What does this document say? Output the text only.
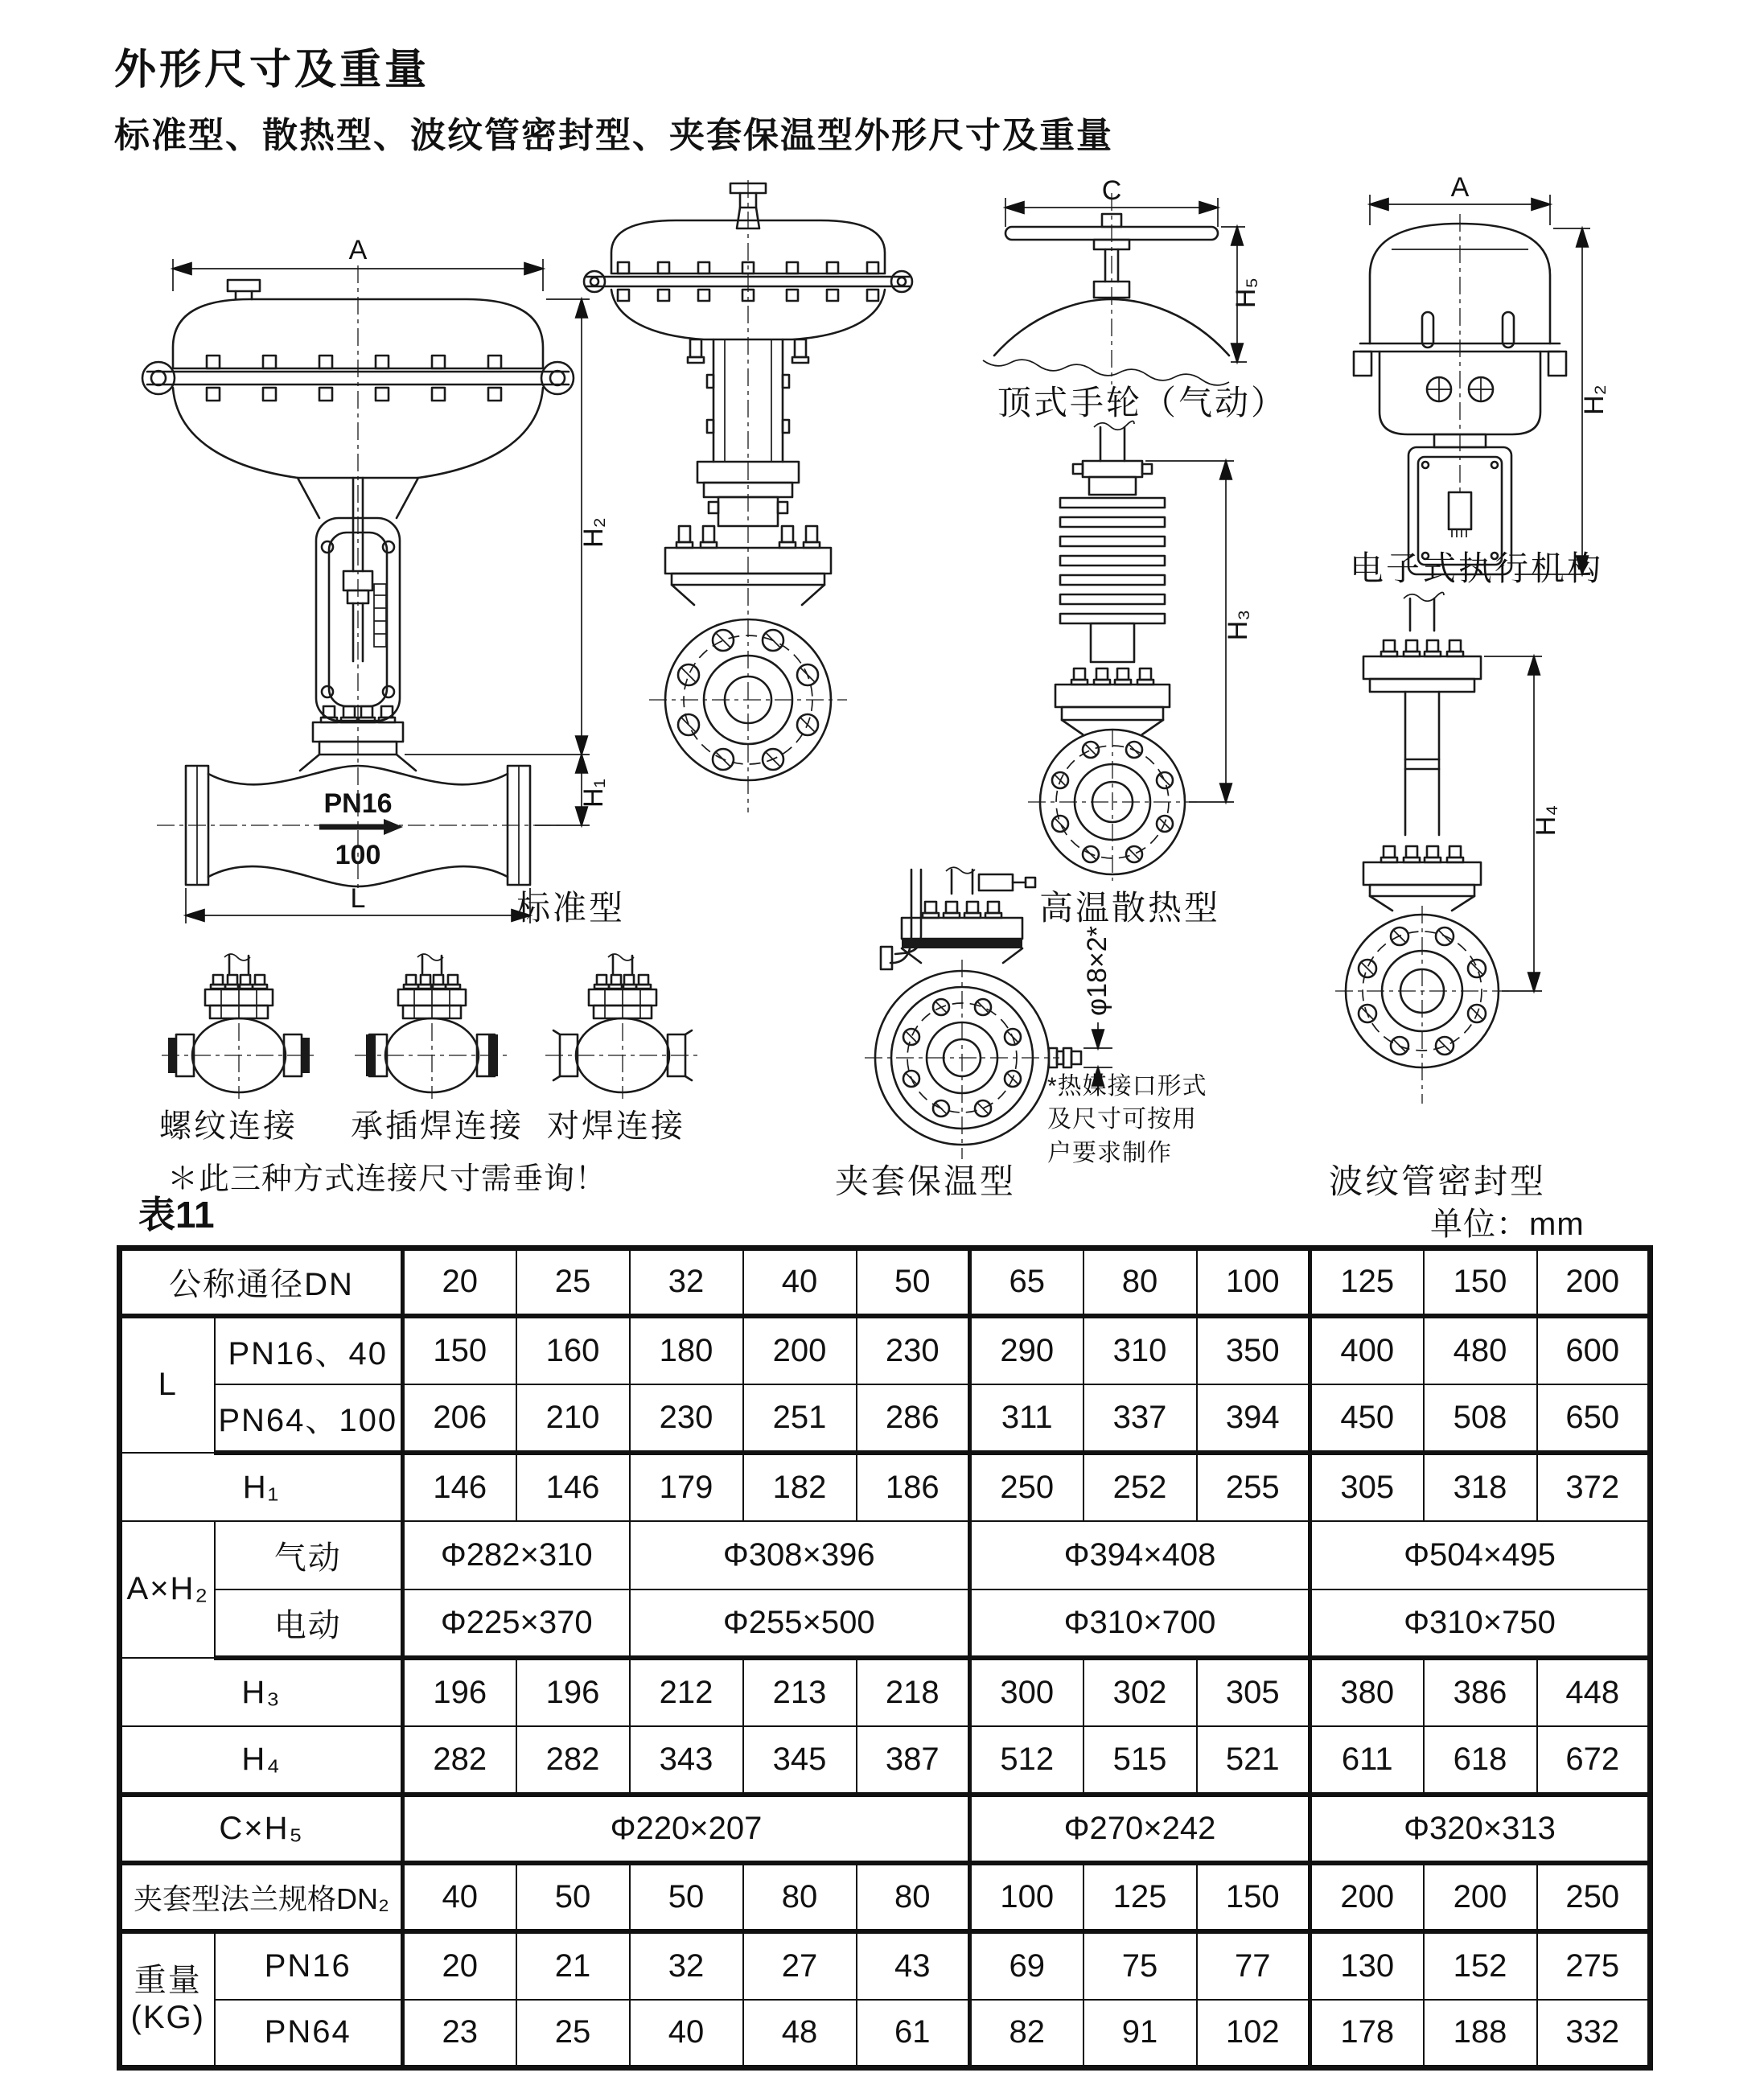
外形尺寸及重量
标准型、散热型、波纹管密封型、夹套保温型外形尺寸及重量
A
PN16
100
H₂
H₁
L
C
H₅
A
H₂
H₃
H₄
φ18×2*
标准型
顶式手轮（气动）
电子式执行机构
高温散热型
波纹管密封型
夹套保温型
螺纹连接 承插焊连接 对焊连接
＊此三种方式连接尺寸需垂询！
*热媒接口形式
及尺寸可按用
户要求制作
表11	单位：mm
公称通径DN		20	25	32	40	50	65	80	100	125	150	200
L	PN16、40	150	160	180	200	230	290	310	350	400	480	600
	PN64、100	206	210	230	251	286	311	337	394	450	508	650
H₁		146	146	179	182	186	250	252	255	305	318	372
A×H₂	气动	Φ282×310		Φ308×396			Φ394×408			Φ504×495		
	电动	Φ225×370		Φ255×500			Φ310×700			Φ310×750		
H₃		196	196	212	213	218	300	302	305	380	386	448
H₄		282	282	343	345	387	512	515	521	611	618	672
C×H₅		Φ220×207					Φ270×242			Φ320×313		
夹套型法兰规格DN₂		40	50	50	80	80	100	125	150	200	200	250

重量
(KG)	PN16	20	21	32	27	43	69	75	77	130	152	275
	PN64	23	25	40	48	61	82	91	102	178	188	332
